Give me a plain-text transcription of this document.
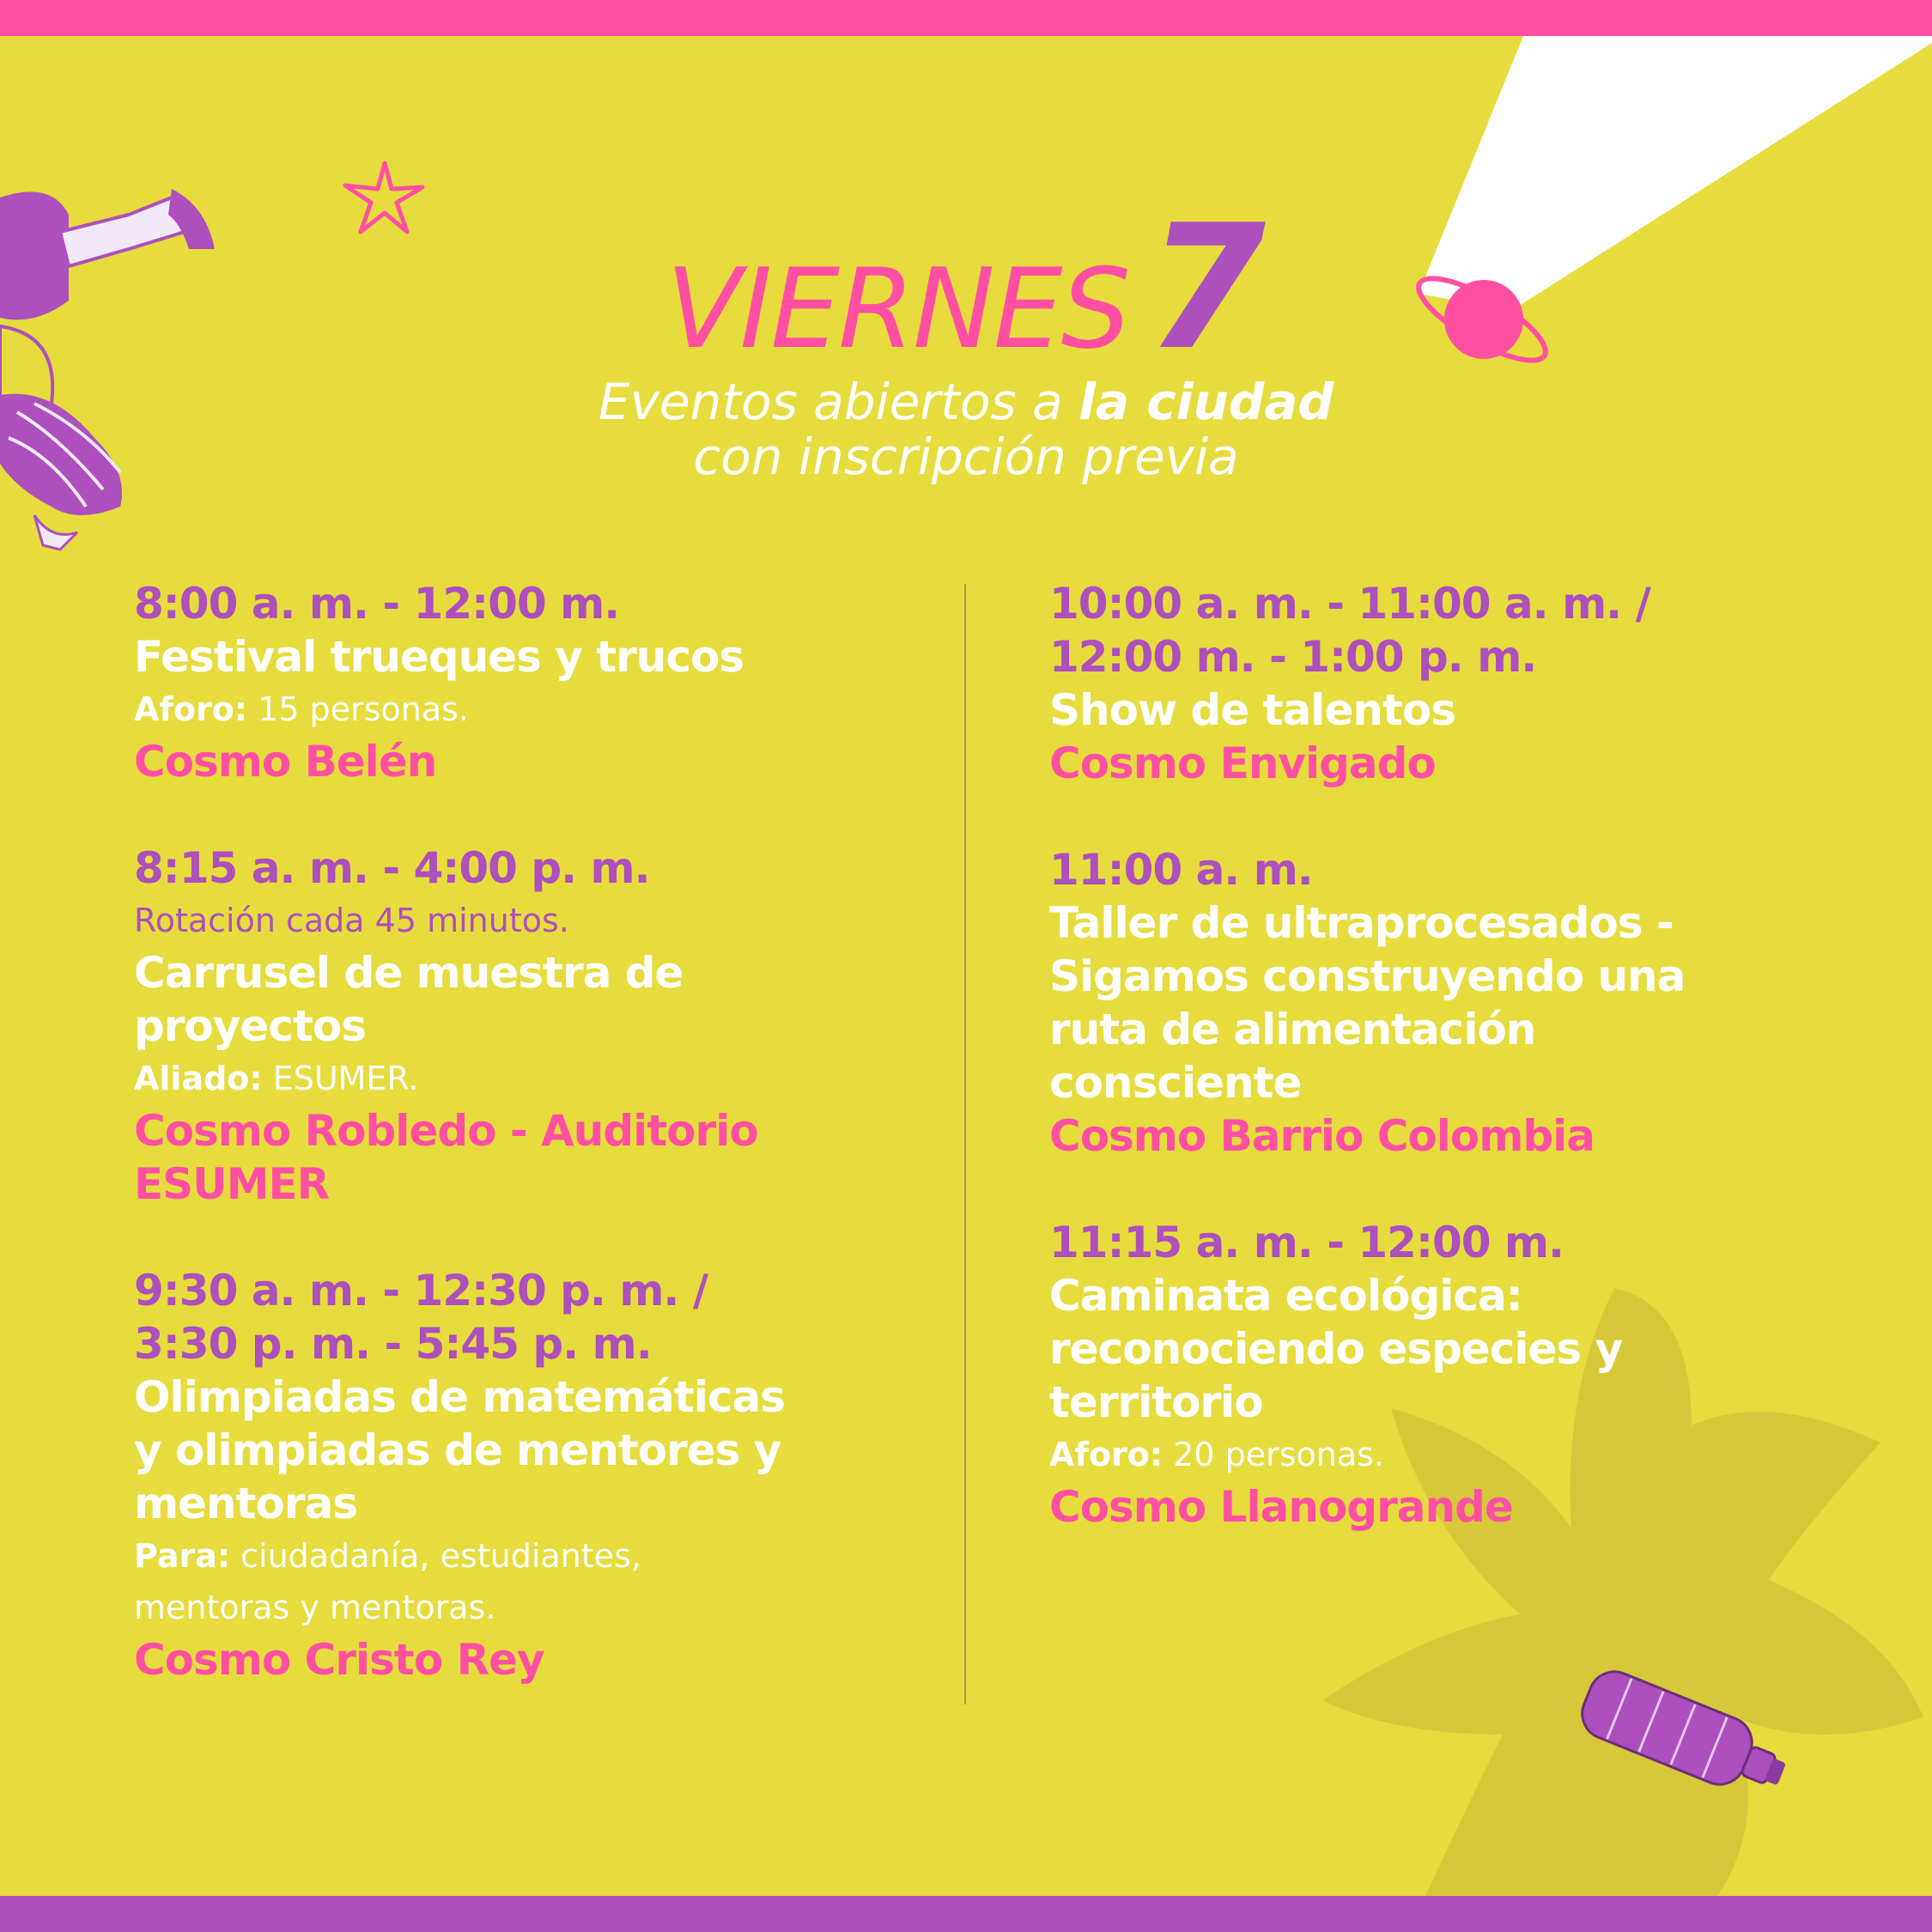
VIERNES 7
Eventos abiertos a la ciudad
con inscripción previa
8:00 a. m. - 12:00 m.
Festival trueques y trucos
Aforo: 15 personas.
Cosmo Belén
8:15 a. m. - 4:00 p. m.
Rotación cada 45 minutos.
Carrusel de muestra de
proyectos
Aliado: ESUMER.
Cosmo Robledo - Auditorio
ESUMER
9:30 a. m. - 12:30 p. m. /
3:30 p. m. - 5:45 p. m.
Olimpiadas de matemáticas
y olimpiadas de mentores y
mentoras
Para: ciudadanía, estudiantes,
mentoras y mentoras.
Cosmo Cristo Rey
10:00 a. m. - 11:00 a. m. /
12:00 m. - 1:00 p. m.
Show de talentos
Cosmo Envigado
11:00 a. m.
Taller de ultraprocesados -
Sigamos construyendo una
ruta de alimentación
consciente
Cosmo Barrio Colombia
11:15 a. m. - 12:00 m.
Caminata ecológica:
reconociendo especies y
territorio
Aforo: 20 personas.
Cosmo Llanogrande
